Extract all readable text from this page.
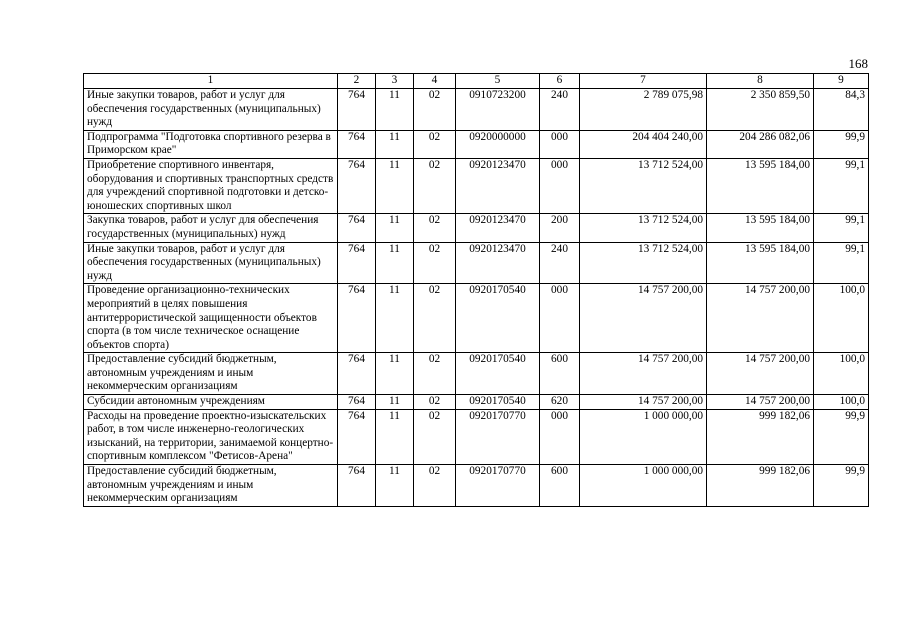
168
1	2	3	4	5	6	7	8	9
Иные закупки товаров, работ и услуг для обеспечения государственных (муниципальных) нужд	764	11	02	0910723200	240	2 789 075,98	2 350 859,50	84,3
Подпрограмма "Подготовка спортивного резерва в Приморском крае"	764	11	02	0920000000	000	204 404 240,00	204 286 082,06	99,9
Приобретение спортивного инвентаря, оборудования и спортивных транспортных средств для учреждений спортивной подготовки и детско-юношеских спортивных школ	764	11	02	0920123470	000	13 712 524,00	13 595 184,00	99,1
Закупка товаров, работ и услуг для обеспечения государственных (муниципальных) нужд	764	11	02	0920123470	200	13 712 524,00	13 595 184,00	99,1
Иные закупки товаров, работ и услуг для обеспечения государственных (муниципальных) нужд	764	11	02	0920123470	240	13 712 524,00	13 595 184,00	99,1
Проведение организационно-технических мероприятий в целях повышения антитеррористической защищенности объектов спорта (в том числе техническое оснащение объектов спорта)	764	11	02	0920170540	000	14 757 200,00	14 757 200,00	100,0
Предоставление субсидий бюджетным, автономным учреждениям и иным некоммерческим организациям	764	11	02	0920170540	600	14 757 200,00	14 757 200,00	100,0
Субсидии автономным учреждениям	764	11	02	0920170540	620	14 757 200,00	14 757 200,00	100,0
Расходы на проведение проектно-изыскательских работ, в том числе инженерно-геологических изысканий, на территории, занимаемой концертно-спортивным комплексом "Фетисов-Арена"	764	11	02	0920170770	000	1 000 000,00	999 182,06	99,9
Предоставление субсидий бюджетным, автономным учреждениям и иным некоммерческим организациям	764	11	02	0920170770	600	1 000 000,00	999 182,06	99,9
